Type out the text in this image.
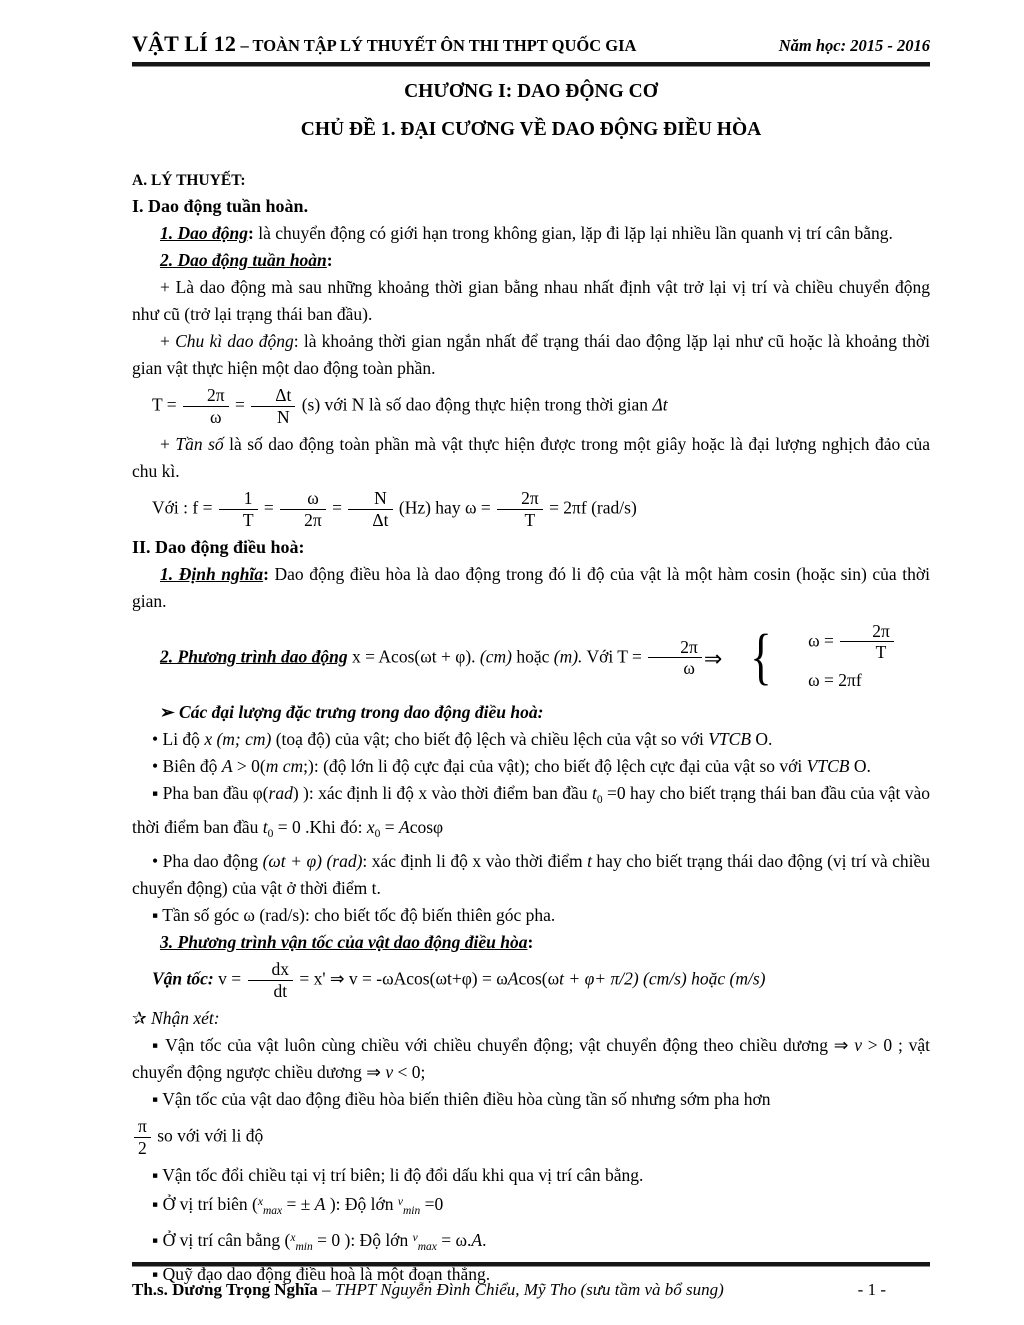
VẬT LÍ 12 – TOÀN TẬP LÝ THUYẾT ÔN THI THPT QUỐC GIA	Năm học: 2015 - 2016
CHƯƠNG I: DAO ĐỘNG CƠ
CHỦ ĐỀ 1. ĐẠI CƯƠNG VỀ DAO ĐỘNG ĐIỀU HÒA
A. LÝ THUYẾT:

I. Dao động tuần hoàn.

1. Dao động: là chuyển động có giới hạn trong không gian, lặp đi lặp lại nhiều lần quanh vị trí cân bằng.

2. Dao động tuần hoàn:

+ Là dao động mà sau những khoảng thời gian bằng nhau nhất định vật trở lại vị trí và chiều chuyển động như cũ (trở lại trạng thái ban đầu).

+ Chu kì dao động: là khoảng thời gian ngắn nhất để trạng thái dao động lặp lại như cũ hoặc là khoảng thời gian vật thực hiện một dao động toàn phần.

$T = \frac{2\pi}{\omega} = \frac{\Delta t}{N} (s)$ với N là số dao động thực hiện trong thời gian Δt

+ Tần số là số dao động toàn phần mà vật thực hiện được trong một giây hoặc là đại lượng nghịch đảo của chu kì.

Với : $f = \frac{1}{T} = \frac{\omega}{2\pi} = \frac{N}{\Delta t} (Hz)$ hay $\omega = \frac{2\pi}{T} = 2\pi f$ (rad/s)

II. Dao động điều hoà:

1. Định nghĩa: Dao động điều hòa là dao động trong đó li độ của vật là một hàm cosin (hoặc sin) của thời gian.

2. Phương trình dao động x = Acos(ωt + φ). (cm) hoặc (m). Với $T = \frac{2\pi}{\omega}$ ⇒ {	$\omega = \frac{2\pi}{T}$
ω = 2πf

➢ Các đại lượng đặc trưng trong dao động điều hoà:

• Li độ x (m; cm) (toạ độ) của vật; cho biết độ lệch và chiều lệch của vật so với VTCB O.

• Biên độ A > 0(m cm;): (độ lớn li độ cực đại của vật); cho biết độ lệch cực đại của vật so với VTCB O.

▪ Pha ban đầu φ(rad) ): xác định li độ x vào thời điểm ban đầu $t_0 =0$ hay cho biết trạng thái ban đầu của vật vào thời điểm ban đầu $t_0 = 0$ .Khi đó: $x_0 = Acos\varphi$

• Pha dao động (ωt + φ) (rad): xác định li độ x vào thời điểm t hay cho biết trạng thái dao động (vị trí và chiều chuyển động) của vật ở thời điểm t.

▪ Tần số góc ω (rad/s): cho biết tốc độ biến thiên góc pha.

3. Phương trình vận tốc của vật dao động điều hòa:

Vận tốc: $v = \frac{dx}{dt} = x'$ ⇒ v = -ωAcos(ωt+φ) = ωAcos(ωt + φ+ π/2) (cm/s) hoặc (m/s)

✰ Nhận xét:

▪ Vận tốc của vật luôn cùng chiều với chiều chuyển động; vật chuyển động theo chiều dương ⇒ v > 0 ; vật chuyển động ngược chiều dương ⇒ v < 0;

▪ Vận tốc của vật dao động điều hòa biến thiên điều hòa cùng tần số nhưng sớm pha hơn

$\frac{\pi}{2}$ so với với li độ

▪ Vận tốc đổi chiều tại vị trí biên; li độ đổi dấu khi qua vị trí cân bằng.

▪ Ở vị trí biên ($^x_{max}$ = ± A ): Độ lớn $^v_{min}$ =0

▪ Ở vị trí cân bằng ($^x_{min}$ = 0 ): Độ lớn $^v_{max}$ = ω.A.

▪ Quỹ đạo dao động điều hoà là một đoạn thẳng.

Th.s. Dương Trọng Nghĩa – THPT Nguyễn Đình Chiểu, Mỹ Tho (sưu tầm và bổ sung)	- 1 -
